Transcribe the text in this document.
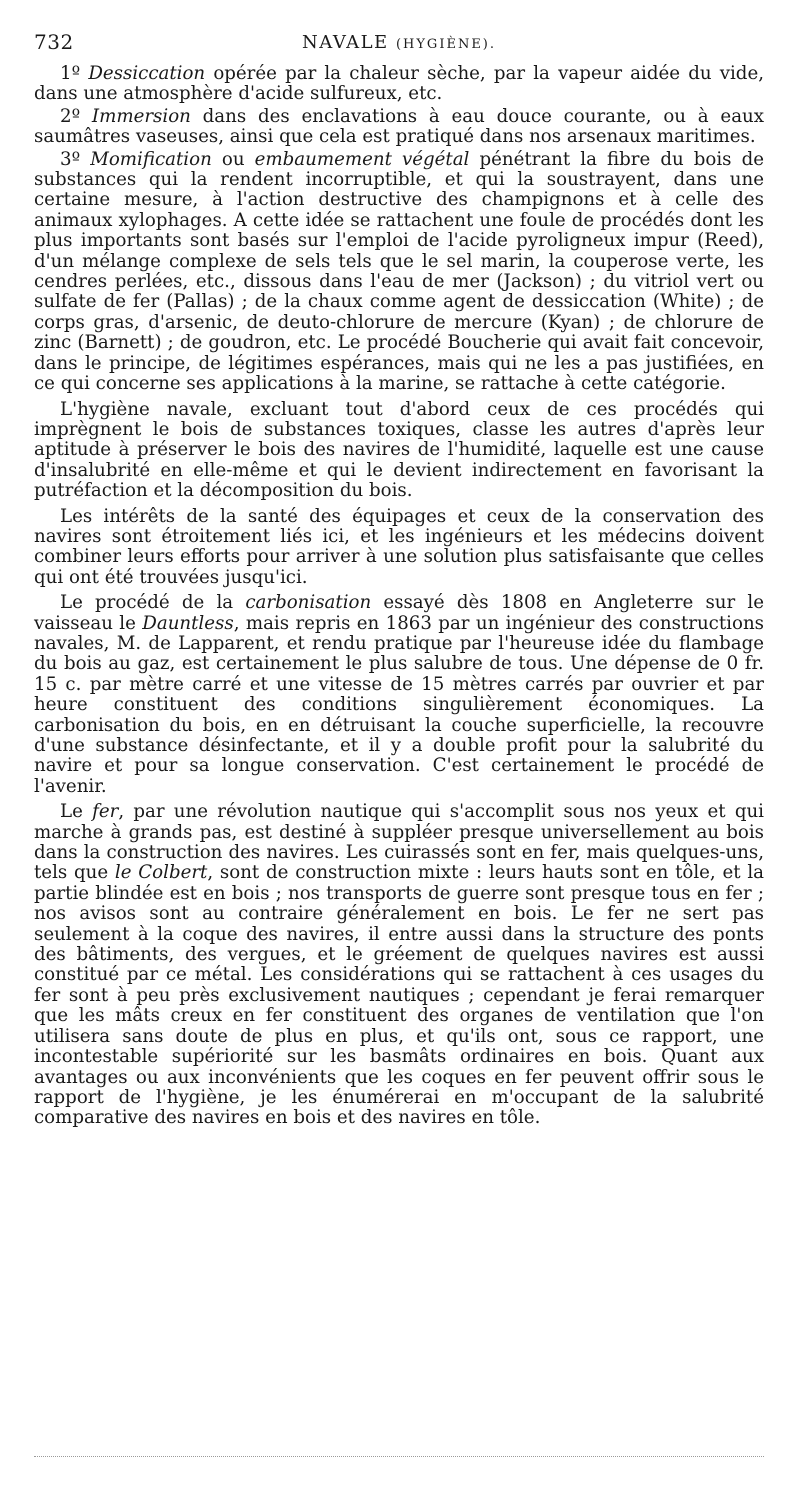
732	NAVALE (HYGIÈNE).

1º Dessiccation opérée par la chaleur sèche, par la vapeur aidée du vide, dans une atmosphère d'acide sulfureux, etc.

2º Immersion dans des enclavations à eau douce courante, ou à eaux saumâtres vaseuses, ainsi que cela est pratiqué dans nos arsenaux maritimes.

3º Momification ou embaumement végétal pénétrant la fibre du bois de substances qui la rendent incorruptible, et qui la soustrayent, dans une certaine mesure, à l'action destructive des champignons et à celle des animaux xylophages. A cette idée se rattachent une foule de procédés dont les plus importants sont basés sur l'emploi de l'acide pyroligneux impur (Reed), d'un mélange complexe de sels tels que le sel marin, la couperose verte, les cendres perlées, etc., dissous dans l'eau de mer (Jackson) ; du vitriol vert ou sulfate de fer (Pallas) ; de la chaux comme agent de dessiccation (White) ; de corps gras, d'arsenic, de deuto-chlorure de mercure (Kyan) ; de chlorure de zinc (Barnett) ; de goudron, etc. Le procédé Boucherie qui avait fait concevoir, dans le principe, de légitimes espérances, mais qui ne les a pas justifiées, en ce qui concerne ses applications à la marine, se rattache à cette catégorie.

L'hygiène navale, excluant tout d'abord ceux de ces procédés qui imprègnent le bois de substances toxiques, classe les autres d'après leur aptitude à préserver le bois des navires de l'humidité, laquelle est une cause d'insalubrité en elle-même et qui le devient indirectement en favorisant la putréfaction et la décomposition du bois.

Les intérêts de la santé des équipages et ceux de la conservation des navires sont étroitement liés ici, et les ingénieurs et les médecins doivent combiner leurs efforts pour arriver à une solution plus satisfaisante que celles qui ont été trouvées jusqu'ici.

Le procédé de la carbonisation essayé dès 1808 en Angleterre sur le vaisseau le Dauntless, mais repris en 1863 par un ingénieur des constructions navales, M. de Lapparent, et rendu pratique par l'heureuse idée du flambage du bois au gaz, est certainement le plus salubre de tous. Une dépense de 0 fr. 15 c. par mètre carré et une vitesse de 15 mètres carrés par ouvrier et par heure constituent des conditions singulièrement économiques. La carbonisation du bois, en en détruisant la couche superficielle, la recouvre d'une substance désinfectante, et il y a double profit pour la salubrité du navire et pour sa longue conservation. C'est certainement le procédé de l'avenir.

Le fer, par une révolution nautique qui s'accomplit sous nos yeux et qui marche à grands pas, est destiné à suppléer presque universellement au bois dans la construction des navires. Les cuirassés sont en fer, mais quelques-uns, tels que le Colbert, sont de construction mixte : leurs hauts sont en tôle, et la partie blindée est en bois ; nos transports de guerre sont presque tous en fer ; nos avisos sont au contraire généralement en bois. Le fer ne sert pas seulement à la coque des navires, il entre aussi dans la structure des ponts des bâtiments, des vergues, et le gréement de quelques navires est aussi constitué par ce métal. Les considérations qui se rattachent à ces usages du fer sont à peu près exclusivement nautiques ; cependant je ferai remarquer que les mâts creux en fer constituent des organes de ventilation que l'on utilisera sans doute de plus en plus, et qu'ils ont, sous ce rapport, une incontestable supériorité sur les basmâts ordinaires en bois. Quant aux avantages ou aux inconvénients que les coques en fer peuvent offrir sous le rapport de l'hygiène, je les énumérerai en m'occupant de la salubrité comparative des navires en bois et des navires en tôle.
